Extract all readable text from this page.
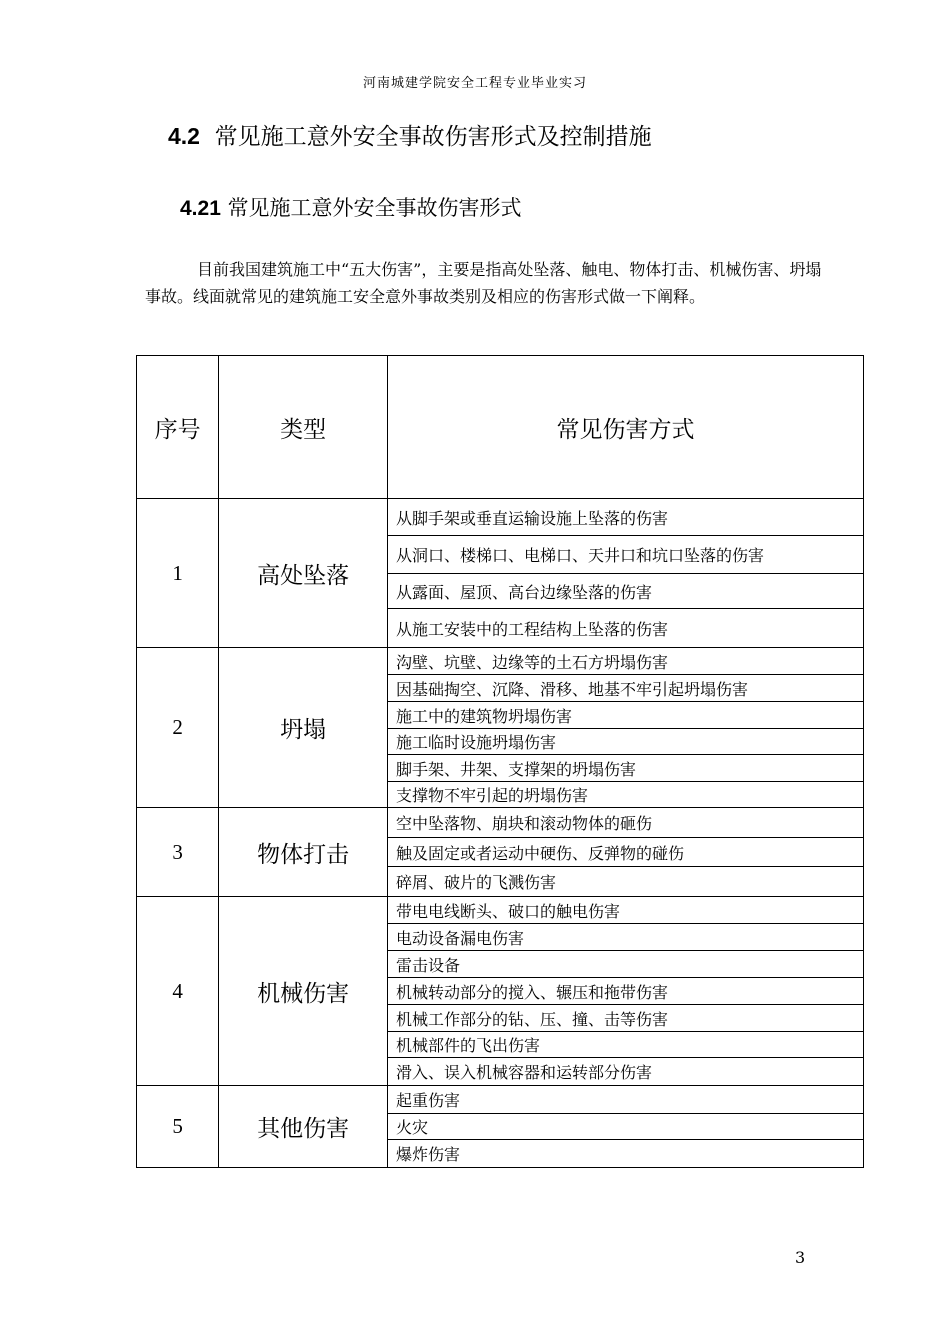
河南城建学院安全工程专业毕业实习
4.2 常见施工意外安全事故伤害形式及控制措施
4.21 常见施工意外安全事故伤害形式
目前我国建筑施工中“五大伤害”，主要是指高处坠落、触电、物体打击、机械伤害、坍塌事故。线面就常见的建筑施工安全意外事故类别及相应的伤害形式做一下阐释。
序号	类型	常见伤害方式
1	高处坠落	从脚手架或垂直运输设施上坠落的伤害
		从洞口、楼梯口、电梯口、天井口和坑口坠落的伤害
		从露面、屋顶、高台边缘坠落的伤害
		从施工安装中的工程结构上坠落的伤害
2	坍塌	沟壁、坑壁、边缘等的土石方坍塌伤害
		因基础掏空、沉降、滑移、地基不牢引起坍塌伤害
		施工中的建筑物坍塌伤害
		施工临时设施坍塌伤害
		脚手架、井架、支撑架的坍塌伤害
		支撑物不牢引起的坍塌伤害
3	物体打击	空中坠落物、崩块和滚动物体的砸伤
		触及固定或者运动中硬伤、反弹物的碰伤
		碎屑、破片的飞溅伤害
4	机械伤害	带电电线断头、破口的触电伤害
		电动设备漏电伤害
		雷击设备
		机械转动部分的搅入、辗压和拖带伤害
		机械工作部分的钻、压、撞、击等伤害
		机械部件的飞出伤害
		滑入、误入机械容器和运转部分伤害
5	其他伤害	起重伤害
		火灾
		爆炸伤害
3
